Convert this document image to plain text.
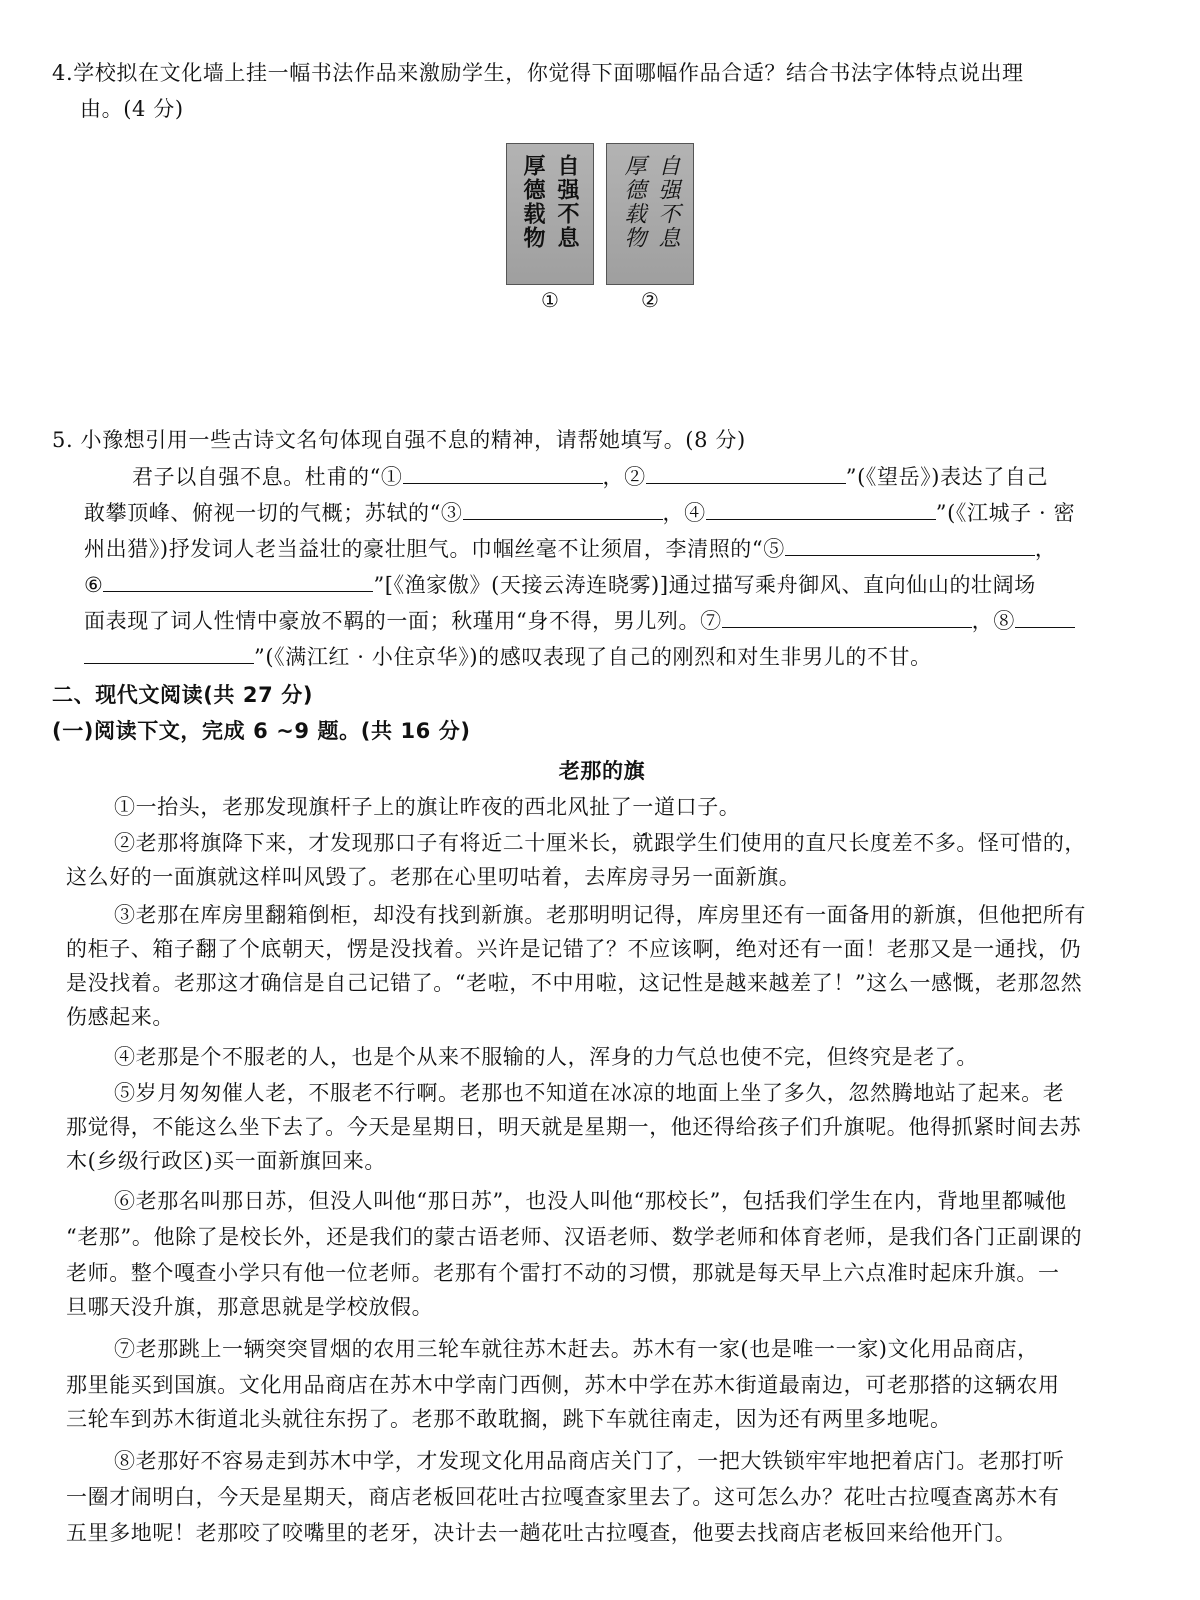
4.学校拟在文化墙上挂一幅书法作品来激励学生，你觉得下面哪幅作品合适？结合书法字体特点说出理
由。(4 分)
自强不息
厚德载物	自强不息
厚德载物
①	②
5. 小豫想引用一些古诗文名句体现自强不息的精神，请帮她填写。(8 分)
君子以自强不息。杜甫的“①	，②	”(《望岳》)表达了自己
敢攀顶峰、俯视一切的气概；苏轼的“③	，④	”(《江城子 · 密
州出猎》)抒发词人老当益壮的豪壮胆气。巾帼丝毫不让须眉，李清照的“⑤	，
⑥	”[《渔家傲》(天接云涛连晓雾)]通过描写乘舟御风、直向仙山的壮阔场
面表现了词人性情中豪放不羁的一面；秋瑾用“身不得，男儿列。⑦	，⑧
”(《满江红 · 小住京华》)的感叹表现了自己的刚烈和对生非男儿的不甘。
二、现代文阅读(共 27 分)
(一)阅读下文，完成 6 ~9 题。(共 16 分)
老那的旗
①一抬头，老那发现旗杆子上的旗让昨夜的西北风扯了一道口子。
②老那将旗降下来，才发现那口子有将近二十厘米长，就跟学生们使用的直尺长度差不多。怪可惜的，
这么好的一面旗就这样叫风毁了。老那在心里叨咕着，去库房寻另一面新旗。
③老那在库房里翻箱倒柜，却没有找到新旗。老那明明记得，库房里还有一面备用的新旗，但他把所有
的柜子、箱子翻了个底朝天，愣是没找着。兴许是记错了？不应该啊，绝对还有一面！老那又是一通找，仍
是没找着。老那这才确信是自己记错了。“老啦，不中用啦，这记性是越来越差了！”这么一感慨，老那忽然
伤感起来。
④老那是个不服老的人，也是个从来不服输的人，浑身的力气总也使不完，但终究是老了。
⑤岁月匆匆催人老，不服老不行啊。老那也不知道在冰凉的地面上坐了多久，忽然腾地站了起来。老
那觉得，不能这么坐下去了。今天是星期日，明天就是星期一，他还得给孩子们升旗呢。他得抓紧时间去苏
木(乡级行政区)买一面新旗回来。
⑥老那名叫那日苏，但没人叫他“那日苏”，也没人叫他“那校长”，包括我们学生在内，背地里都喊他
“老那”。他除了是校长外，还是我们的蒙古语老师、汉语老师、数学老师和体育老师，是我们各门正副课的
老师。整个嘎查小学只有他一位老师。老那有个雷打不动的习惯，那就是每天早上六点准时起床升旗。一
旦哪天没升旗，那意思就是学校放假。
⑦老那跳上一辆突突冒烟的农用三轮车就往苏木赶去。苏木有一家(也是唯一一家)文化用品商店，
那里能买到国旗。文化用品商店在苏木中学南门西侧，苏木中学在苏木街道最南边，可老那搭的这辆农用
三轮车到苏木街道北头就往东拐了。老那不敢耽搁，跳下车就往南走，因为还有两里多地呢。
⑧老那好不容易走到苏木中学，才发现文化用品商店关门了，一把大铁锁牢牢地把着店门。老那打听
一圈才闹明白，今天是星期天，商店老板回花吐古拉嘎查家里去了。这可怎么办？花吐古拉嘎查离苏木有
五里多地呢！老那咬了咬嘴里的老牙，决计去一趟花吐古拉嘎查，他要去找商店老板回来给他开门。
